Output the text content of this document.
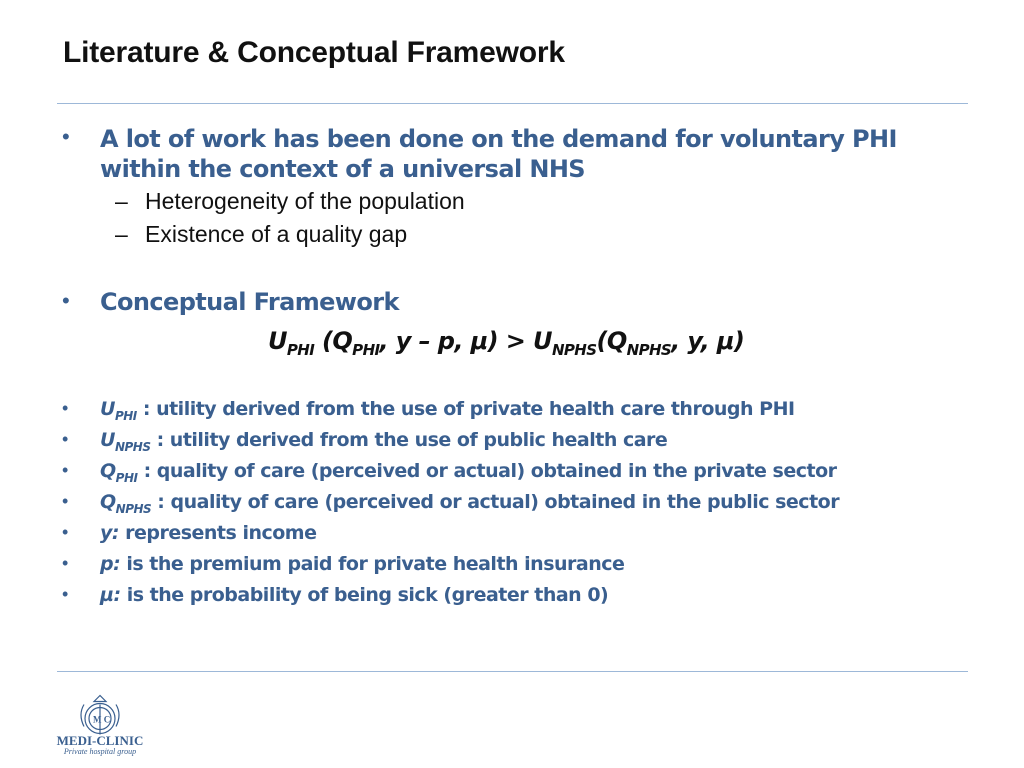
Literature & Conceptual Framework
• A lot of work has been done on the demand for voluntary PHI within the context of a universal NHS
– Heterogeneity of the population
– Existence of a quality gap
• Conceptual Framework
$U_{PHI}$ ($Q_{PHI}$, y – p, $\mu) > U_{NPHS}(Q_{NPHS}$, y, μ)
• $U_{PHI}$ : utility derived from the use of private health care through PHI
• $U_{NPHS}$ : utility derived from the use of public health care
• $Q_{PHI}$ : quality of care (perceived or actual) obtained in the private sector
• $Q_{NPHS}$ : quality of care (perceived or actual) obtained in the public sector
• y: represents income
• p: is the premium paid for private health insurance
• µ: is the probability of being sick (greater than 0)
M C
MEDI-CLINIC
Private hospital group
